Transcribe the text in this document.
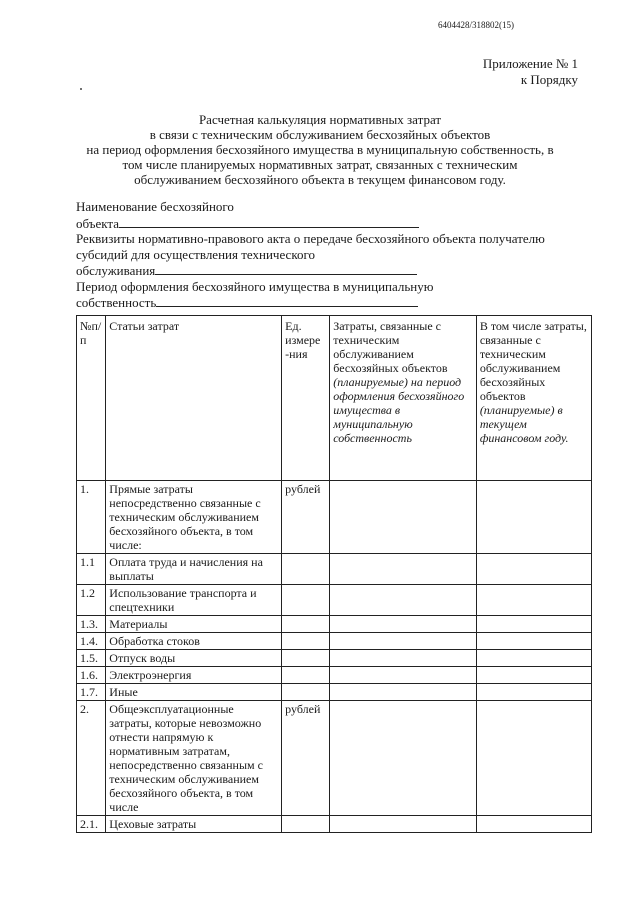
6404428/318802(15)
Приложение № 1
к Порядку
Расчетная калькуляция нормативных затрат
в связи с техническим обслуживанием бесхозяйных объектов
на период оформления бесхозяйного имущества в муниципальную собственность, в
том числе планируемых нормативных затрат, связанных с техническим
обслуживанием бесхозяйного объекта в текущем финансовом году.
Наименование бесхозяйного
объекта
Реквизиты нормативно-правового акта о передаче бесхозяйного объекта получателю
субсидий для осуществления технического
обслуживания
Период оформления бесхозяйного имущества в муниципальную
собственность
№п/п	Статьи затрат	Ед. измере -ния	Затраты, связанные с техническим обслуживанием бесхозяйных объектов (планируемые) на период оформления бесхозяйного имущества в муниципальную собственность	В том числе затраты, связанные с техническим обслуживанием бесхозяйных объектов (планируемые) в текущем финансовом году.
1.	Прямые затраты непосредственно связанные с техническим обслуживанием бесхозяйного объекта, в том числе:	рублей		
1.1	Оплата труда и начисления на выплаты			
1.2	Использование транспорта и спецтехники			
1.3.	Материалы			
1.4.	Обработка стоков			
1.5.	Отпуск воды			
1.6.	Электроэнергия			
1.7.	Иные			
2.	Общеэксплуатационные затраты, которые невозможно отнести напрямую к нормативным затратам, непосредственно связанным с техническим обслуживанием бесхозяйного объекта, в том числе	рублей		
2.1.	Цеховые затраты			
